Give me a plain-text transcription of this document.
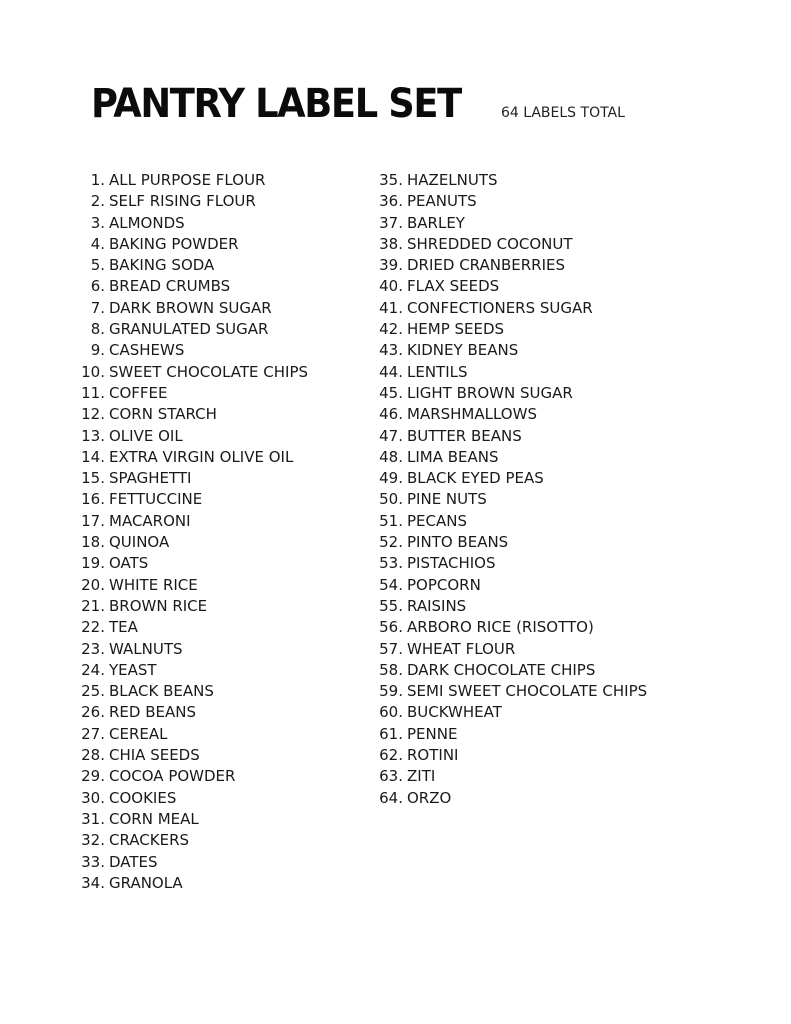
PANTRY LABEL SET	64 LABELS TOTAL
1. ALL PURPOSE FLOUR
2. SELF RISING FLOUR
3. ALMONDS
4. BAKING POWDER
5. BAKING SODA
6. BREAD CRUMBS
7. DARK BROWN SUGAR
8. GRANULATED SUGAR
9. CASHEWS
10. SWEET CHOCOLATE CHIPS
11. COFFEE
12. CORN STARCH
13. OLIVE OIL
14. EXTRA VIRGIN OLIVE OIL
15. SPAGHETTI
16. FETTUCCINE
17. MACARONI
18. QUINOA
19. OATS
20. WHITE RICE
21. BROWN RICE
22. TEA
23. WALNUTS
24. YEAST
25. BLACK BEANS
26. RED BEANS
27. CEREAL
28. CHIA SEEDS
29. COCOA POWDER
30. COOKIES
31. CORN MEAL
32. CRACKERS
33. DATES
34. GRANOLA
35. HAZELNUTS
36. PEANUTS
37. BARLEY
38. SHREDDED COCONUT
39. DRIED CRANBERRIES
40. FLAX SEEDS
41. CONFECTIONERS SUGAR
42. HEMP SEEDS
43. KIDNEY BEANS
44. LENTILS
45. LIGHT BROWN SUGAR
46. MARSHMALLOWS
47. BUTTER BEANS
48. LIMA BEANS
49. BLACK EYED PEAS
50. PINE NUTS
51. PECANS
52. PINTO BEANS
53. PISTACHIOS
54. POPCORN
55. RAISINS
56. ARBORO RICE (RISOTTO)
57. WHEAT FLOUR
58. DARK CHOCOLATE CHIPS
59. SEMI SWEET CHOCOLATE CHIPS
60. BUCKWHEAT
61. PENNE
62. ROTINI
63. ZITI
64. ORZO
